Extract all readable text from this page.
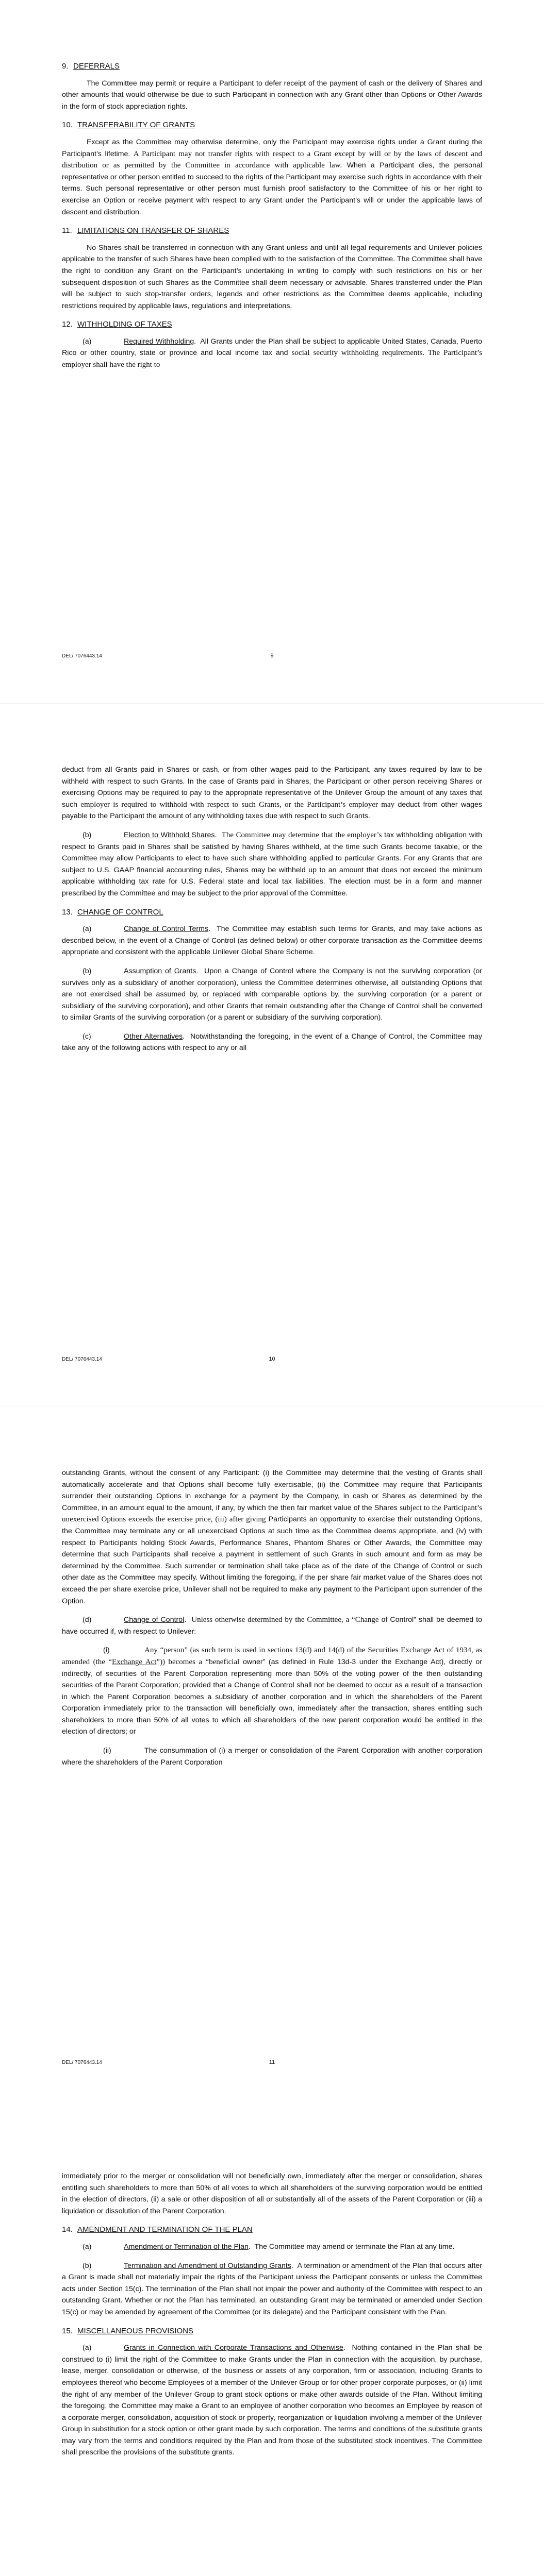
9. DEFERRALS

The Committee may permit or require a Participant to defer receipt of the payment of cash or the delivery of Shares and other amounts that would otherwise be due to such Participant in connection with any Grant other than Options or Other Awards in the form of stock appreciation rights.

10. TRANSFERABILITY OF GRANTS

Except as the Committee may otherwise determine, only the Participant may exercise rights under a Grant during the Participant’s lifetime. A Participant may not transfer rights with respect to a Grant except by will or by the laws of descent and distribution or as permitted by the Committee in accordance with applicable law. When a Participant dies, the personal representative or other person entitled to succeed to the rights of the Participant may exercise such rights in accordance with their terms. Such personal representative or other person must furnish proof satisfactory to the Committee of his or her right to exercise an Option or receive payment with respect to any Grant under the Participant’s will or under the applicable laws of descent and distribution.

11. LIMITATIONS ON TRANSFER OF SHARES

No Shares shall be transferred in connection with any Grant unless and until all legal requirements and Unilever policies applicable to the transfer of such Shares have been complied with to the satisfaction of the Committee. The Committee shall have the right to condition any Grant on the Participant’s undertaking in writing to comply with such restrictions on his or her subsequent disposition of such Shares as the Committee shall deem necessary or advisable. Shares transferred under the Plan will be subject to such stop-transfer orders, legends and other restrictions as the Committee deems applicable, including restrictions required by applicable laws, regulations and interpretations.

12. WITHHOLDING OF TAXES

(a)	Required Withholding.  All Grants under the Plan shall be subject to applicable United States, Canada, Puerto Rico or other country, state or province and local income tax and social security withholding requirements. The Participant’s employer shall have the right to

DEL/ 7076443.14	9

deduct from all Grants paid in Shares or cash, or from other wages paid to the Participant, any taxes required by law to be withheld with respect to such Grants. In the case of Grants paid in Shares, the Participant or other person receiving Shares or exercising Options may be required to pay to the appropriate representative of the Unilever Group the amount of any taxes that such employer is required to withhold with respect to such Grants, or the Participant’s employer may deduct from other wages payable to the Participant the amount of any withholding taxes due with respect to such Grants.

(b)	Election to Withhold Shares.  The Committee may determine that the employer’s tax withholding obligation with respect to Grants paid in Shares shall be satisfied by having Shares withheld, at the time such Grants become taxable, or the Committee may allow Participants to elect to have such share withholding applied to particular Grants. For any Grants that are subject to U.S. GAAP financial accounting rules, Shares may be withheld up to an amount that does not exceed the minimum applicable withholding tax rate for U.S. Federal state and local tax liabilities. The election must be in a form and manner prescribed by the Committee and may be subject to the prior approval of the Committee.

13. CHANGE OF CONTROL

(a)	Change of Control Terms.  The Committee may establish such terms for Grants, and may take actions as described below, in the event of a Change of Control (as defined below) or other corporate transaction as the Committee deems appropriate and consistent with the applicable Unilever Global Share Scheme.

(b)	Assumption of Grants.  Upon a Change of Control where the Company is not the surviving corporation (or survives only as a subsidiary of another corporation), unless the Committee determines otherwise, all outstanding Options that are not exercised shall be assumed by, or replaced with comparable options by, the surviving corporation (or a parent or subsidiary of the surviving corporation), and other Grants that remain outstanding after the Change of Control shall be converted to similar Grants of the surviving corporation (or a parent or subsidiary of the surviving corporation).

(c)	Other Alternatives.  Notwithstanding the foregoing, in the event of a Change of Control, the Committee may take any of the following actions with respect to any or all

DEL/ 7076443.14	10

outstanding Grants, without the consent of any Participant: (i) the Committee may determine that the vesting of Grants shall automatically accelerate and that Options shall become fully exercisable, (ii) the Committee may require that Participants surrender their outstanding Options in exchange for a payment by the Company, in cash or Shares as determined by the Committee, in an amount equal to the amount, if any, by which the then fair market value of the Shares subject to the Participant’s unexercised Options exceeds the exercise price, (iii) after giving Participants an opportunity to exercise their outstanding Options, the Committee may terminate any or all unexercised Options at such time as the Committee deems appropriate, and (iv) with respect to Participants holding Stock Awards, Performance Shares, Phantom Shares or Other Awards, the Committee may determine that such Participants shall receive a payment in settlement of such Grants in such amount and form as may be determined by the Committee. Such surrender or termination shall take place as of the date of the Change of Control or such other date as the Committee may specify. Without limiting the foregoing, if the per share fair market value of the Shares does not exceed the per share exercise price, Unilever shall not be required to make any payment to the Participant upon surrender of the Option.

(d)	Change of Control.  Unless otherwise determined by the Committee, a “Change of Control” shall be deemed to have occurred if, with respect to Unilever:

(i)	Any “person” (as such term is used in sections 13(d) and 14(d) of the Securities Exchange Act of 1934, as amended (the “Exchange Act”)) becomes a “beneficial owner” (as defined in Rule 13d-3 under the Exchange Act), directly or indirectly, of securities of the Parent Corporation representing more than 50% of the voting power of the then outstanding securities of the Parent Corporation; provided that a Change of Control shall not be deemed to occur as a result of a transaction in which the Parent Corporation becomes a subsidiary of another corporation and in which the shareholders of the Parent Corporation immediately prior to the transaction will beneficially own, immediately after the transaction, shares entitling such shareholders to more than 50% of all votes to which all shareholders of the new parent corporation would be entitled in the election of directors; or

(ii)	The consummation of (i) a merger or consolidation of the Parent Corporation with another corporation where the shareholders of the Parent Corporation

DEL/ 7076443.14	11

immediately prior to the merger or consolidation will not beneficially own, immediately after the merger or consolidation, shares entitling such shareholders to more than 50% of all votes to which all shareholders of the surviving corporation would be entitled in the election of directors, (ii) a sale or other disposition of all or substantially all of the assets of the Parent Corporation or (iii) a liquidation or dissolution of the Parent Corporation.

14. AMENDMENT AND TERMINATION OF THE PLAN

(a)	Amendment or Termination of the Plan.  The Committee may amend or terminate the Plan at any time.

(b)	Termination and Amendment of Outstanding Grants.  A termination or amendment of the Plan that occurs after a Grant is made shall not materially impair the rights of the Participant unless the Participant consents or unless the Committee acts under Section 15(c). The termination of the Plan shall not impair the power and authority of the Committee with respect to an outstanding Grant. Whether or not the Plan has terminated, an outstanding Grant may be terminated or amended under Section 15(c) or may be amended by agreement of the Committee (or its delegate) and the Participant consistent with the Plan.

15. MISCELLANEOUS PROVISIONS

(a)	Grants in Connection with Corporate Transactions and Otherwise.  Nothing contained in the Plan shall be construed to (i) limit the right of the Committee to make Grants under the Plan in connection with the acquisition, by purchase, lease, merger, consolidation or otherwise, of the business or assets of any corporation, firm or association, including Grants to employees thereof who become Employees of a member of the Unilever Group or for other proper corporate purposes, or (ii) limit the right of any member of the Unilever Group to grant stock options or make other awards outside of the Plan. Without limiting the foregoing, the Committee may make a Grant to an employee of another corporation who becomes an Employee by reason of a corporate merger, consolidation, acquisition of stock or property, reorganization or liquidation involving a member of the Unilever Group in substitution for a stock option or other grant made by such corporation. The terms and conditions of the substitute grants may vary from the terms and conditions required by the Plan and from those of the substituted stock incentives. The Committee shall prescribe the provisions of the substitute grants.
